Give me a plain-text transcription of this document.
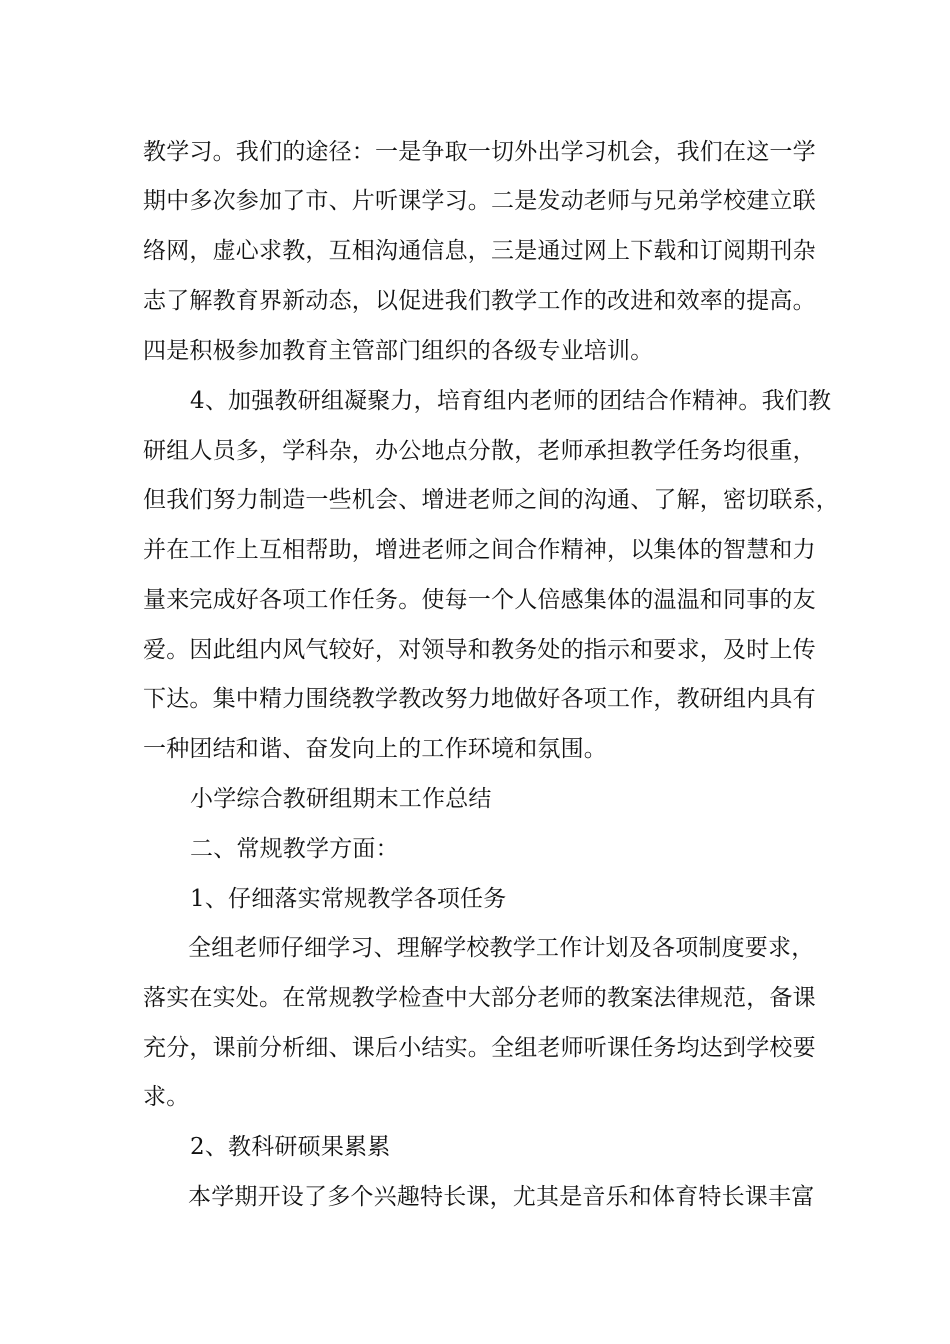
教学习。我们的途径：一是争取一切外出学习机会，我们在这一学
期中多次参加了市、片听课学习。二是发动老师与兄弟学校建立联
络网，虚心求教，互相沟通信息，三是通过网上下载和订阅期刊杂
志了解教育界新动态，以促进我们教学工作的改进和效率的提高。
四是积极参加教育主管部门组织的各级专业培训。
4、加强教研组凝聚力，培育组内老师的团结合作精神。我们教
研组人员多，学科杂，办公地点分散，老师承担教学任务均很重，
但我们努力制造一些机会、增进老师之间的沟通、了解，密切联系，
并在工作上互相帮助，增进老师之间合作精神，以集体的智慧和力
量来完成好各项工作任务。使每一个人倍感集体的温温和同事的友
爱。因此组内风气较好，对领导和教务处的指示和要求，及时上传
下达。集中精力围绕教学教改努力地做好各项工作，教研组内具有
一种团结和谐、奋发向上的工作环境和氛围。
小学综合教研组期末工作总结
二、常规教学方面：
1、仔细落实常规教学各项任务
全组老师仔细学习、理解学校教学工作计划及各项制度要求，
落实在实处。在常规教学检查中大部分老师的教案法律规范，备课
充分，课前分析细、课后小结实。全组老师听课任务均达到学校要
求。
2、教科研硕果累累
本学期开设了多个兴趣特长课，尤其是音乐和体育特长课丰富
